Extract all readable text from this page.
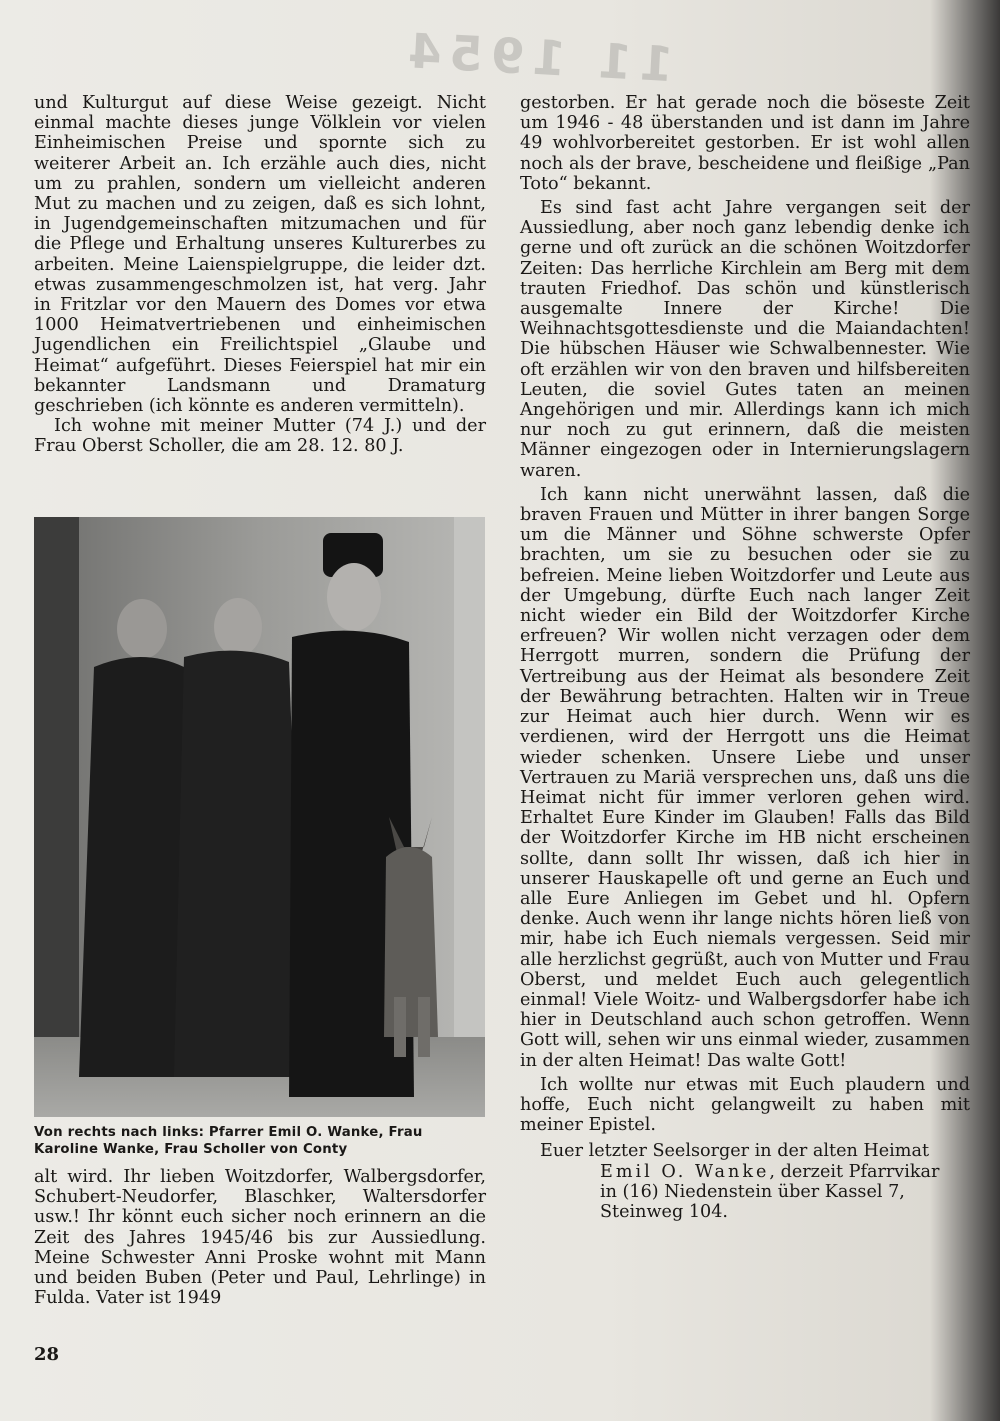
11 1954

und Kulturgut auf diese Weise gezeigt. Nicht einmal machte dieses junge Völklein vor vielen Einheimischen Preise und spornte sich zu weiterer Arbeit an. Ich erzähle auch dies, nicht um zu prahlen, sondern um vielleicht anderen Mut zu machen und zu zeigen, daß es sich lohnt, in Jugendgemeinschaften mitzumachen und für die Pflege und Erhaltung unseres Kulturerbes zu arbeiten. Meine Laienspielgruppe, die leider dzt. etwas zusammengeschmolzen ist, hat verg. Jahr in Fritzlar vor den Mauern des Domes vor etwa 1000 Heimatvertriebenen und einheimischen Jugendlichen ein Freilichtspiel „Glaube und Heimat“ aufgeführt. Dieses Feierspiel hat mir ein bekannter Landsmann und Dramaturg geschrieben (ich könnte es anderen vermitteln).

Ich wohne mit meiner Mutter (74 J.) und der Frau Oberst Scholler, die am 28. 12. 80 J.

Von rechts nach links: Pfarrer Emil O. Wanke, Frau
Karoline Wanke, Frau Scholler von Conty

alt wird. Ihr lieben Woitzdorfer, Walbergsdorfer, Schubert-Neudorfer, Blaschker, Waltersdorfer usw.! Ihr könnt euch sicher noch erinnern an die Zeit des Jahres 1945/46 bis zur Aussiedlung. Meine Schwester Anni Proske wohnt mit Mann und beiden Buben (Peter und Paul, Lehrlinge) in Fulda. Vater ist 1949

gestorben. Er hat gerade noch die böseste Zeit um 1946 - 48 überstanden und ist dann im Jahre 49 wohlvorbereitet gestorben. Er ist wohl allen noch als der brave, bescheidene und fleißige „Pan Toto“ bekannt.

Es sind fast acht Jahre vergangen seit der Aussiedlung, aber noch ganz lebendig denke ich gerne und oft zurück an die schönen Woitzdorfer Zeiten: Das herrliche Kirchlein am Berg mit dem trauten Friedhof. Das schön und künstlerisch ausgemalte Innere der Kirche! Die Weihnachtsgottesdienste und die Maiandachten! Die hübschen Häuser wie Schwalbennester. Wie oft erzählen wir von den braven und hilfsbereiten Leuten, die soviel Gutes taten an meinen Angehörigen und mir. Allerdings kann ich mich nur noch zu gut erinnern, daß die meisten Männer eingezogen oder in Internierungslagern waren.

Ich kann nicht unerwähnt lassen, daß die braven Frauen und Mütter in ihrer bangen Sorge um die Männer und Söhne schwerste Opfer brachten, um sie zu besuchen oder sie zu befreien. Meine lieben Woitzdorfer und Leute aus der Umgebung, dürfte Euch nach langer Zeit nicht wieder ein Bild der Woitzdorfer Kirche erfreuen? Wir wollen nicht verzagen oder dem Herrgott murren, sondern die Prüfung der Vertreibung aus der Heimat als besondere Zeit der Bewährung betrachten. Halten wir in Treue zur Heimat auch hier durch. Wenn wir es verdienen, wird der Herrgott uns die Heimat wieder schenken. Unsere Liebe und unser Vertrauen zu Mariä versprechen uns, daß uns die Heimat nicht für immer verloren gehen wird. Erhaltet Eure Kinder im Glauben! Falls das Bild der Woitzdorfer Kirche im HB nicht erscheinen sollte, dann sollt Ihr wissen, daß ich hier in unserer Hauskapelle oft und gerne an Euch und alle Eure Anliegen im Gebet und hl. Opfern denke. Auch wenn ihr lange nichts hören ließ von mir, habe ich Euch niemals vergessen. Seid mir alle herzlichst gegrüßt, auch von Mutter und Frau Oberst, und meldet Euch auch gelegentlich einmal! Viele Woitz- und Walbergsdorfer habe ich hier in Deutschland auch schon getroffen. Wenn Gott will, sehen wir uns einmal wieder, zusammen in der alten Heimat! Das walte Gott!

Ich wollte nur etwas mit Euch plaudern und hoffe, Euch nicht gelangweilt zu haben mit meiner Epistel.

Euer letzter Seelsorger in der alten Heimat

Emil O. Wanke, derzeit Pfarrvikar

in (16) Niedenstein über Kassel 7,

Steinweg 104.

28
